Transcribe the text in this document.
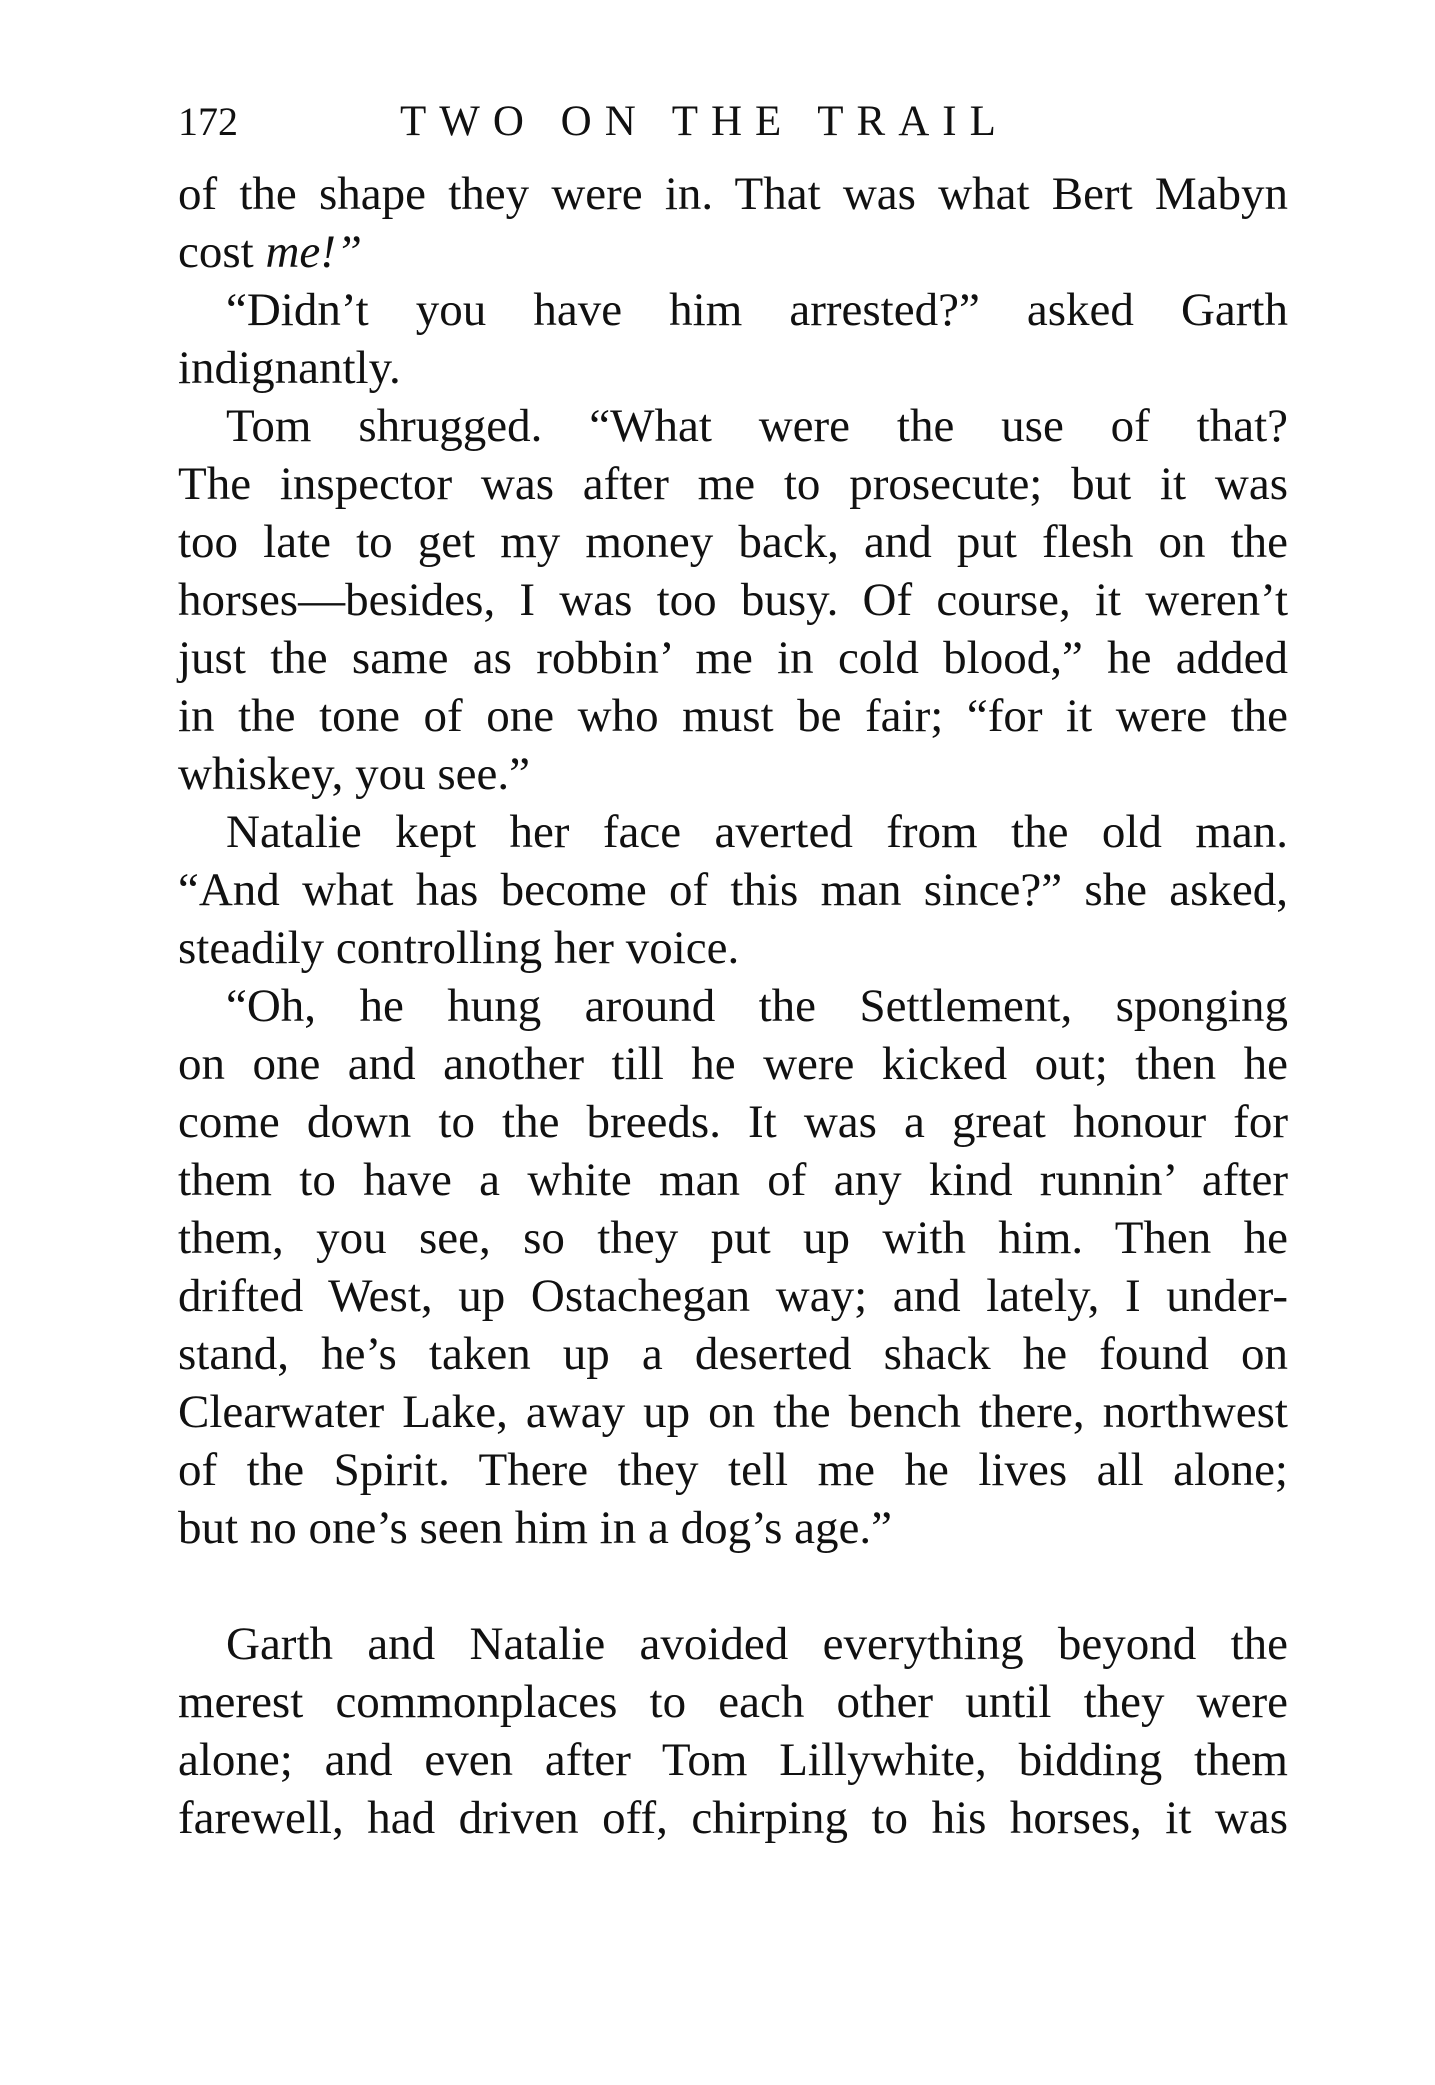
172	TWO ON THE TRAIL
of the shape they were in. That was what Bert Mabyn
cost me!”
“Didn’t you have him arrested?” asked Garth
indignantly.
Tom shrugged. “What were the use of that?
The inspector was after me to prosecute; but it was
too late to get my money back, and put flesh on the
horses—besides, I was too busy. Of course, it weren’t
just the same as robbin’ me in cold blood,” he added
in the tone of one who must be fair; “for it were the
whiskey, you see.”
Natalie kept her face averted from the old man.
“And what has become of this man since?” she asked,
steadily controlling her voice.
“Oh, he hung around the Settlement, sponging
on one and another till he were kicked out; then he
come down to the breeds. It was a great honour for
them to have a white man of any kind runnin’ after
them, you see, so they put up with him. Then he
drifted West, up Ostachegan way; and lately, I under-
stand, he’s taken up a deserted shack he found on
Clearwater Lake, away up on the bench there, northwest
of the Spirit. There they tell me he lives all alone;
but no one’s seen him in a dog’s age.”
Garth and Natalie avoided everything beyond the
merest commonplaces to each other until they were
alone; and even after Tom Lillywhite, bidding them
farewell, had driven off, chirping to his horses, it was
